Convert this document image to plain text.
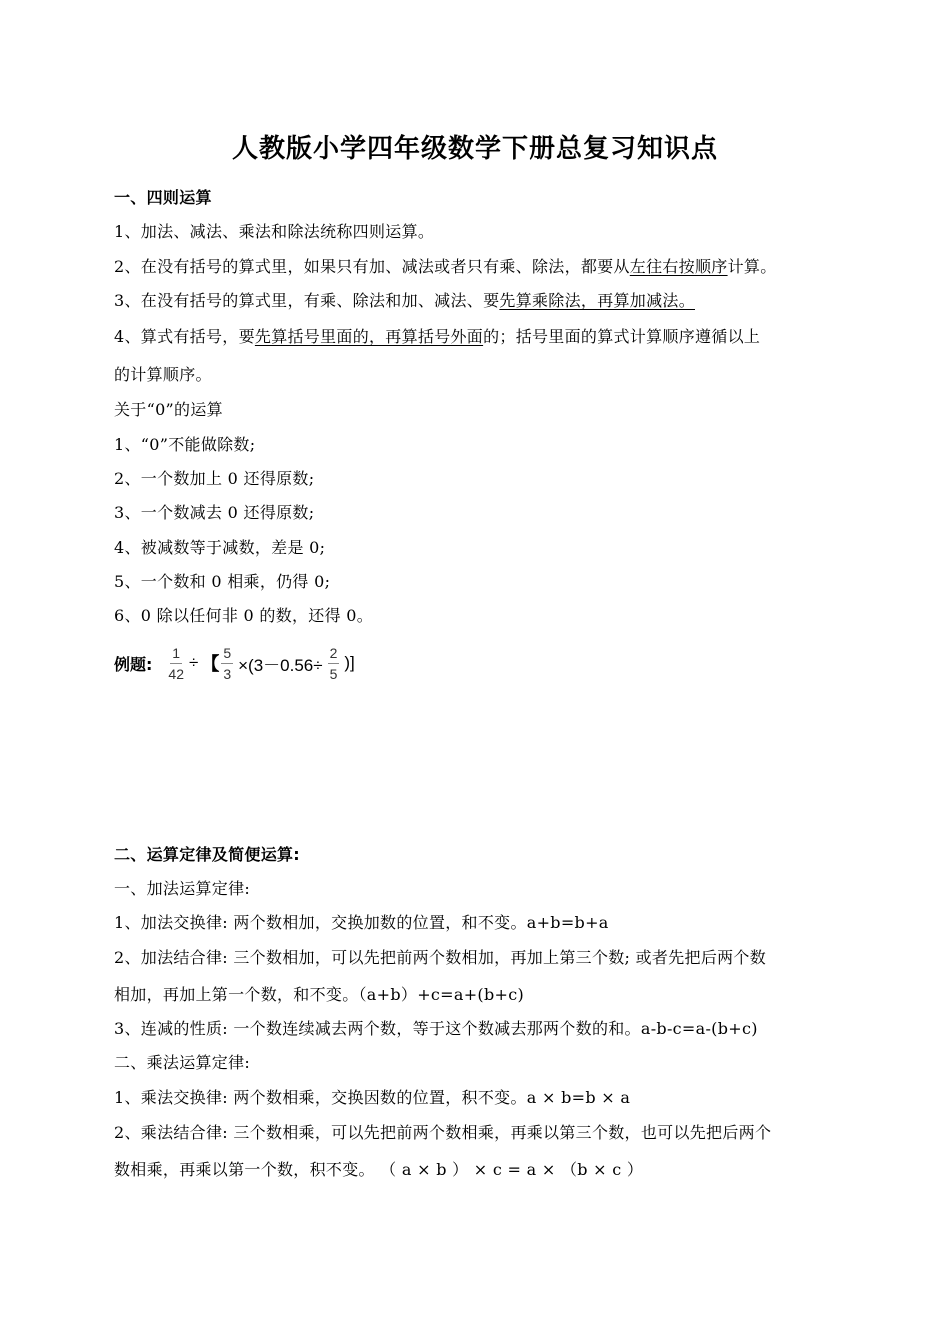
人教版小学四年级数学下册总复习知识点
一、四则运算
1、加法、减法、乘法和除法统称四则运算。
2、在没有括号的算式里，如果只有加、减法或者只有乘、除法，都要从左往右按顺序计算。
3、在没有括号的算式里，有乘、除法和加、减法、要先算乘除法，再算加减法。
4、算式有括号，要先算括号里面的，再算括号外面的；括号里面的算式计算顺序遵循以上
的计算顺序。
关于“0”的运算
1、“0”不能做除数;
2、一个数加上 0 还得原数;
3、一个数减去 0 还得原数;
4、被减数等于减数，差是 0;
5、一个数和 0 相乘，仍得 0;
6、0 除以任何非 0 的数，还得 0。
例题: $\frac{1}{42}$ ÷ 【 $\frac{5}{3} \times(3-0.56\div \frac{2}{5}$ )]
二、运算定律及简便运算:
一、加法运算定律:
1、加法交换律: 两个数相加，交换加数的位置，和不变。a+b=b+a
2、加法结合律: 三个数相加，可以先把前两个数相加，再加上第三个数; 或者先把后两个数
相加，再加上第一个数，和不变。（a+b）+c=a+(b+c)
3、连减的性质: 一个数连续减去两个数，等于这个数减去那两个数的和。a-b-c=a-(b+c)
二、乘法运算定律:
1、乘法交换律: 两个数相乘，交换因数的位置，积不变。a × b=b × a
2、乘法结合律: 三个数相乘，可以先把前两个数相乘，再乘以第三个数，也可以先把后两个
数相乘，再乘以第一个数，积不变。 （ a × b ） × c = a × （b × c ）
